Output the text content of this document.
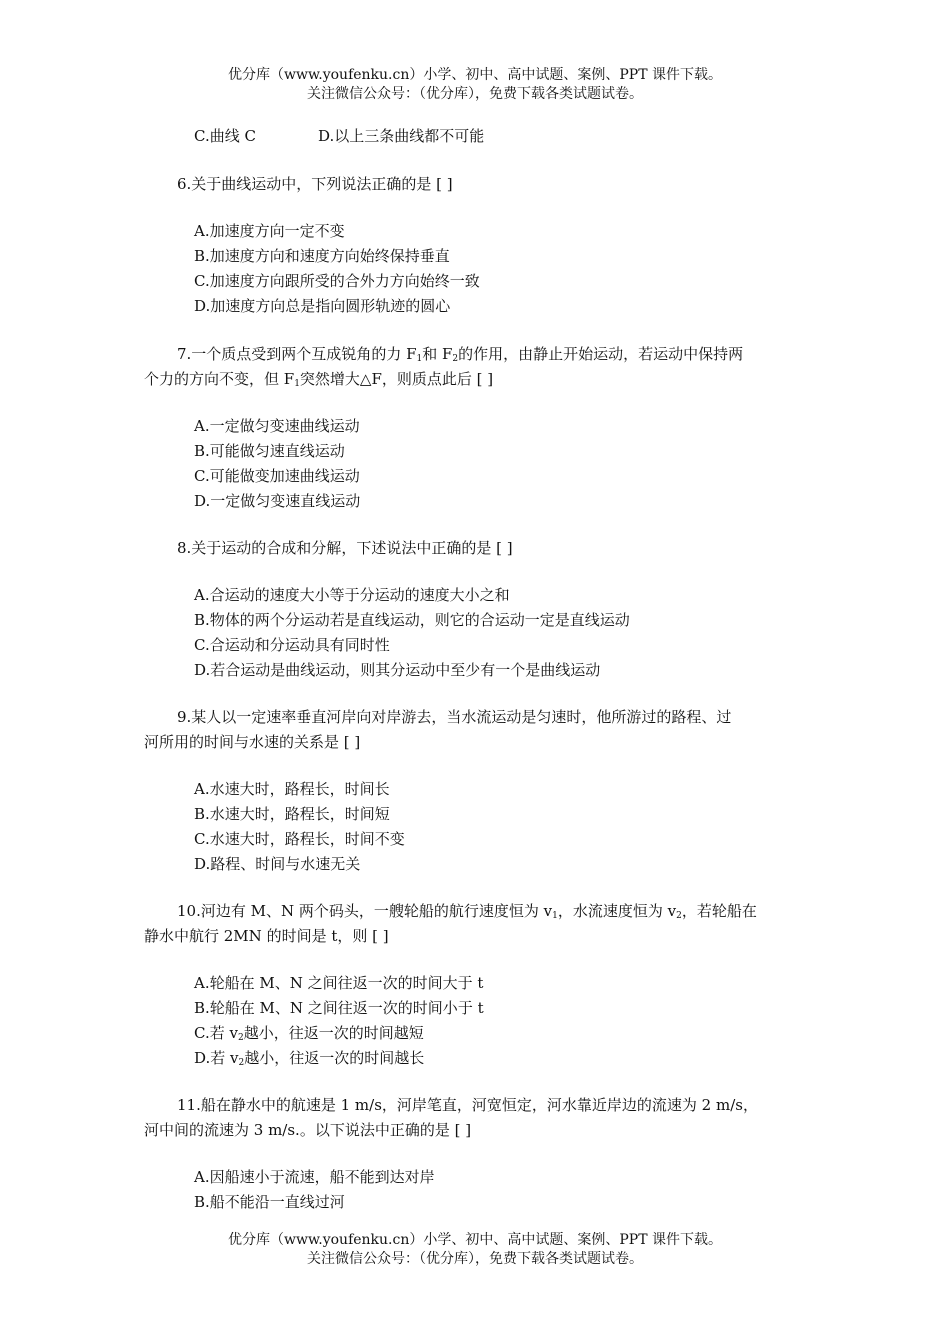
优分库（www.youfenku.cn）小学、初中、高中试题、案例、PPT 课件下载。
关注微信公众号：（优分库），免费下载各类试题试卷。
C.曲线 C	D.以上三条曲线都不可能
6.关于曲线运动中，下列说法正确的是 [ ]
A.加速度方向一定不变
B.加速度方向和速度方向始终保持垂直
C.加速度方向跟所受的合外力方向始终一致
D.加速度方向总是指向圆形轨迹的圆心
7.一个质点受到两个互成锐角的力 $F_1$和 $F_2$的作用，由静止开始运动，若运动中保持两
个力的方向不变，但 $F_1$突然增大△F，则质点此后 [ ]
A.一定做匀变速曲线运动
B.可能做匀速直线运动
C.可能做变加速曲线运动
D.一定做匀变速直线运动
8.关于运动的合成和分解，下述说法中正确的是 [ ]
A.合运动的速度大小等于分运动的速度大小之和
B.物体的两个分运动若是直线运动，则它的合运动一定是直线运动
C.合运动和分运动具有同时性
D.若合运动是曲线运动，则其分运动中至少有一个是曲线运动
9.某人以一定速率垂直河岸向对岸游去，当水流运动是匀速时，他所游过的路程、过
河所用的时间与水速的关系是 [ ]
A.水速大时，路程长，时间长
B.水速大时，路程长，时间短
C.水速大时，路程长，时间不变
D.路程、时间与水速无关
10.河边有 M、N 两个码头，一艘轮船的航行速度恒为 $v_1$，水流速度恒为 $v_2$，若轮船在
静水中航行 2MN 的时间是 t，则 [ ]
A.轮船在 M、N 之间往返一次的时间大于 t
B.轮船在 M、N 之间往返一次的时间小于 t
C.若 $v_2$越小，往返一次的时间越短
D.若 $v_2$越小，往返一次的时间越长
11.船在静水中的航速是 1 m/s，河岸笔直，河宽恒定，河水靠近岸边的流速为 2 m/s，
河中间的流速为 3 m/s.。以下说法中正确的是 [ ]
A.因船速小于流速，船不能到达对岸
B.船不能沿一直线过河
优分库（www.youfenku.cn）小学、初中、高中试题、案例、PPT 课件下载。
关注微信公众号：（优分库），免费下载各类试题试卷。
